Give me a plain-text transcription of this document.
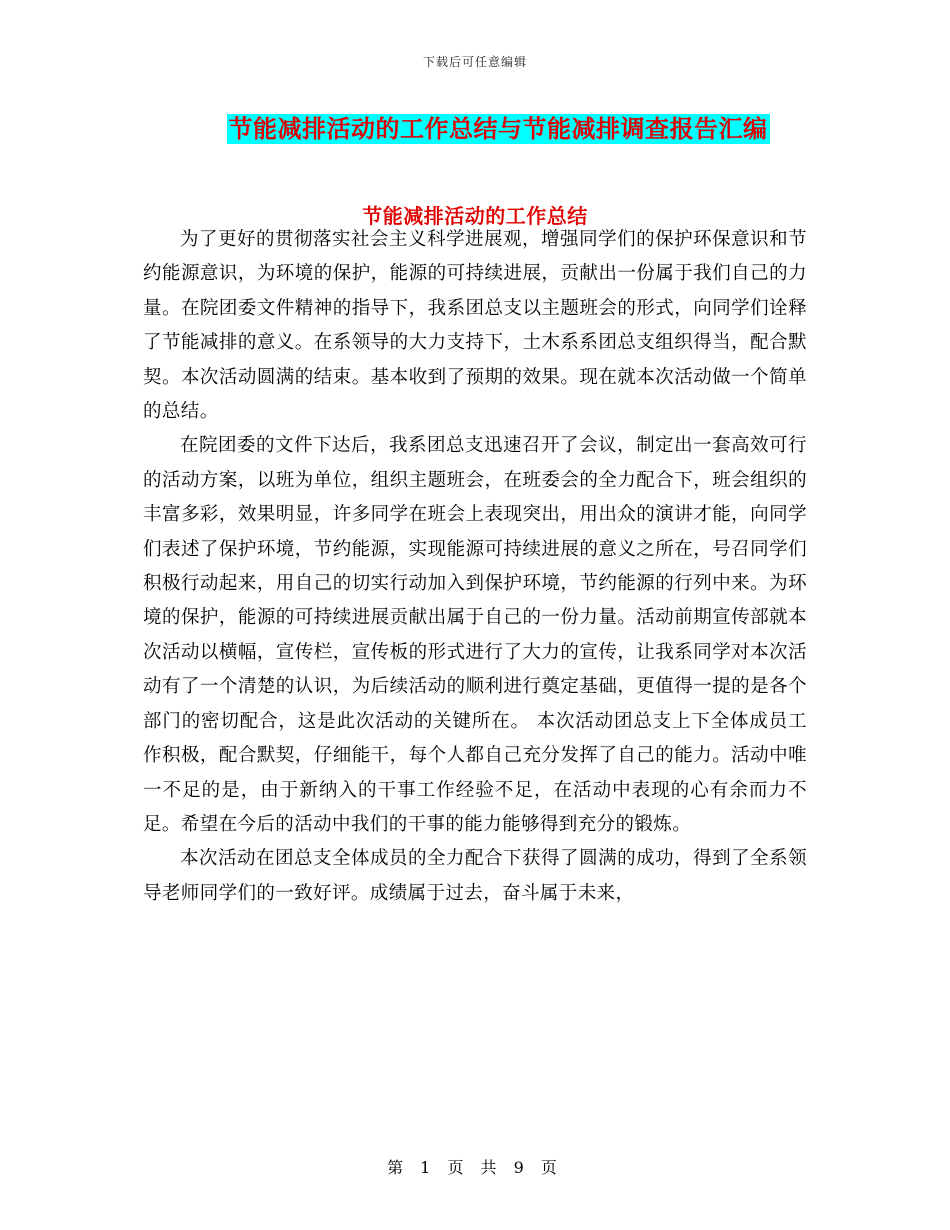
下载后可任意编辑
节能减排活动的工作总结与节能减排调查报告汇编
节能减排活动的工作总结

为了更好的贯彻落实社会主义科学进展观，增强同学们的保护环保意识和节约能源意识，为环境的保护，能源的可持续进展，贡献出一份属于我们自己的力量。在院团委文件精神的指导下，我系团总支以主题班会的形式，向同学们诠释了节能减排的意义。在系领导的大力支持下，土木系系团总支组织得当，配合默契。本次活动圆满的结束。基本收到了预期的效果。现在就本次活动做一个简单的总结。

在院团委的文件下达后，我系团总支迅速召开了会议，制定出一套高效可行的活动方案，以班为单位，组织主题班会，在班委会的全力配合下，班会组织的丰富多彩，效果明显，许多同学在班会上表现突出，用出众的演讲才能，向同学们表述了保护环境，节约能源，实现能源可持续进展的意义之所在，号召同学们积极行动起来，用自己的切实行动加入到保护环境，节约能源的行列中来。为环境的保护，能源的可持续进展贡献出属于自己的一份力量。活动前期宣传部就本次活动以横幅，宣传栏，宣传板的形式进行了大力的宣传，让我系同学对本次活动有了一个清楚的认识，为后续活动的顺利进行奠定基础，更值得一提的是各个部门的密切配合，这是此次活动的关键所在。 本次活动团总支上下全体成员工作积极，配合默契，仔细能干，每个人都自己充分发挥了自己的能力。活动中唯一不足的是，由于新纳入的干事工作经验不足，在活动中表现的心有余而力不足。希望在今后的活动中我们的干事的能力能够得到充分的锻炼。

本次活动在团总支全体成员的全力配合下获得了圆满的成功，得到了全系领导老师同学们的一致好评。成绩属于过去，奋斗属于未来，

第 1 页 共 9 页
